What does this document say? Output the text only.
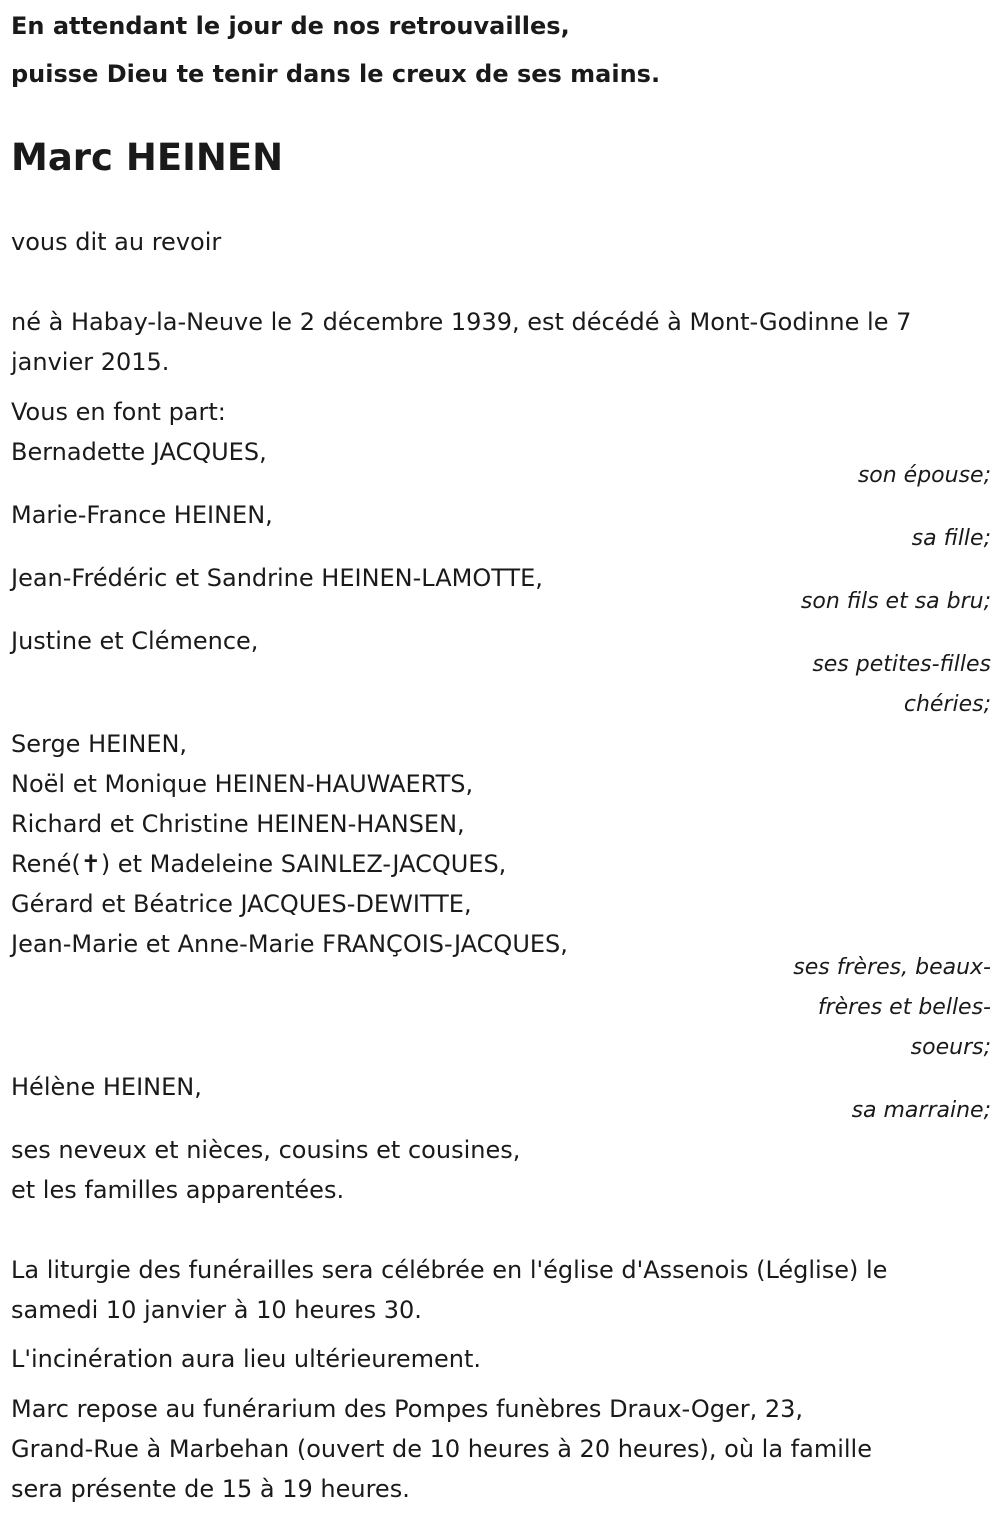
En attendant le jour de nos retrouvailles,
puisse Dieu te tenir dans le creux de ses mains.
Marc HEINEN
vous dit au revoir
né à Habay-la-Neuve le 2 décembre 1939, est décédé à Mont-Godinne le 7
janvier 2015.
Vous en font part:
Bernadette JACQUES,
son épouse;
Marie-France HEINEN,
sa fille;
Jean-Frédéric et Sandrine HEINEN-LAMOTTE,
son fils et sa bru;
Justine et Clémence,
ses petites-filles
chéries;
Serge HEINEN,
Noël et Monique HEINEN-HAUWAERTS,
Richard et Christine HEINEN-HANSEN,
René(✝) et Madeleine SAINLEZ-JACQUES,
Gérard et Béatrice JACQUES-DEWITTE,
Jean-Marie et Anne-Marie FRANÇOIS-JACQUES,
ses frères, beaux-
frères et belles-
soeurs;
Hélène HEINEN,
sa marraine;
ses neveux et nièces, cousins et cousines,
et les familles apparentées.
La liturgie des funérailles sera célébrée en l'église d'Assenois (Léglise) le
samedi 10 janvier à 10 heures 30.
L'incinération aura lieu ultérieurement.
Marc repose au funérarium des Pompes funèbres Draux-Oger, 23,
Grand-Rue à Marbehan (ouvert de 10 heures à 20 heures), où la famille
sera présente de 15 à 19 heures.
